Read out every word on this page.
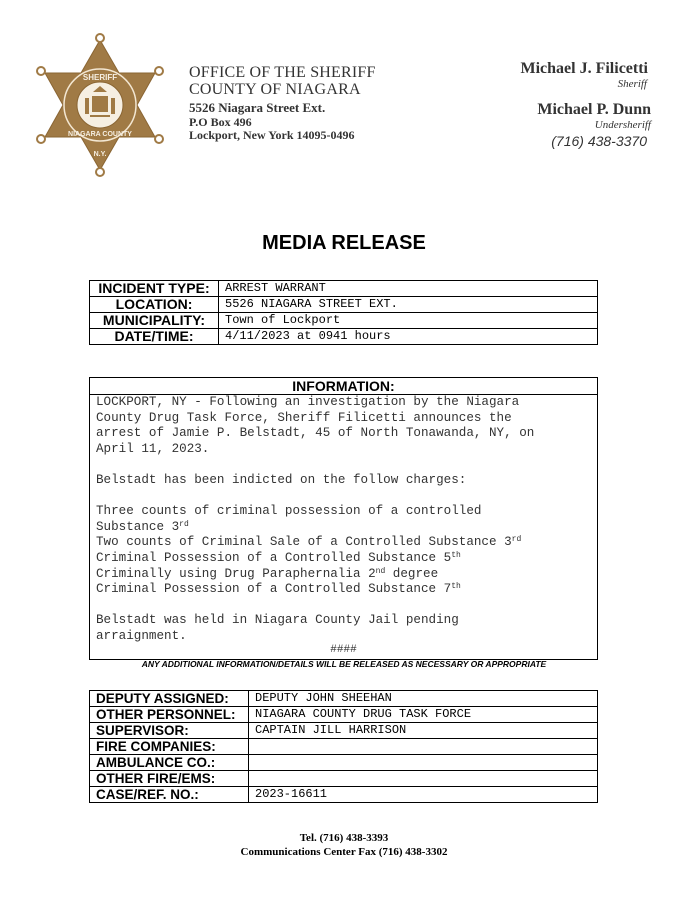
SHERIFF
NIAGARA COUNTY
N.Y.
OFFICE OF THE SHERIFF
COUNTY OF NIAGARA
5526 Niagara Street Ext.
P.O Box 496
Lockport, New York 14095-0496
Michael J. Filicetti
Sheriff
Michael P. Dunn
Undersheriff
(716) 438-3370
MEDIA RELEASE
INCIDENT TYPE:	ARREST WARRANT
LOCATION:	5526 NIAGARA STREET EXT.
MUNICIPALITY:	Town of Lockport
DATE/TIME:	4/11/2023 at 0941 hours
INFORMATION:

LOCKPORT, NY - Following an investigation by the Niagara

County Drug Task Force, Sheriff Filicetti announces the

arrest of Jamie P. Belstadt, 45 of North Tonawanda, NY, on

April 11, 2023.

Belstadt has been indicted on the follow charges:

Three counts of criminal possession of a controlled

Substance 3rd

Two counts of Criminal Sale of a Controlled Substance 3rd

Criminal Possession of a Controlled Substance 5th

Criminally using Drug Paraphernalia 2nd degree

Criminal Possession of a Controlled Substance 7th

Belstadt was held in Niagara County Jail pending

arraignment.

####
ANY ADDITIONAL INFORMATION/DETAILS WILL BE RELEASED AS NECESSARY OR APPROPRIATE
DEPUTY ASSIGNED:	DEPUTY JOHN SHEEHAN
OTHER PERSONNEL:	NIAGARA COUNTY DRUG TASK FORCE
SUPERVISOR:	CAPTAIN JILL HARRISON
FIRE COMPANIES:	
AMBULANCE CO.:	
OTHER FIRE/EMS:	
CASE/REF. NO.:	2023-16611
Tel. (716) 438-3393
Communications Center Fax (716) 438-3302
